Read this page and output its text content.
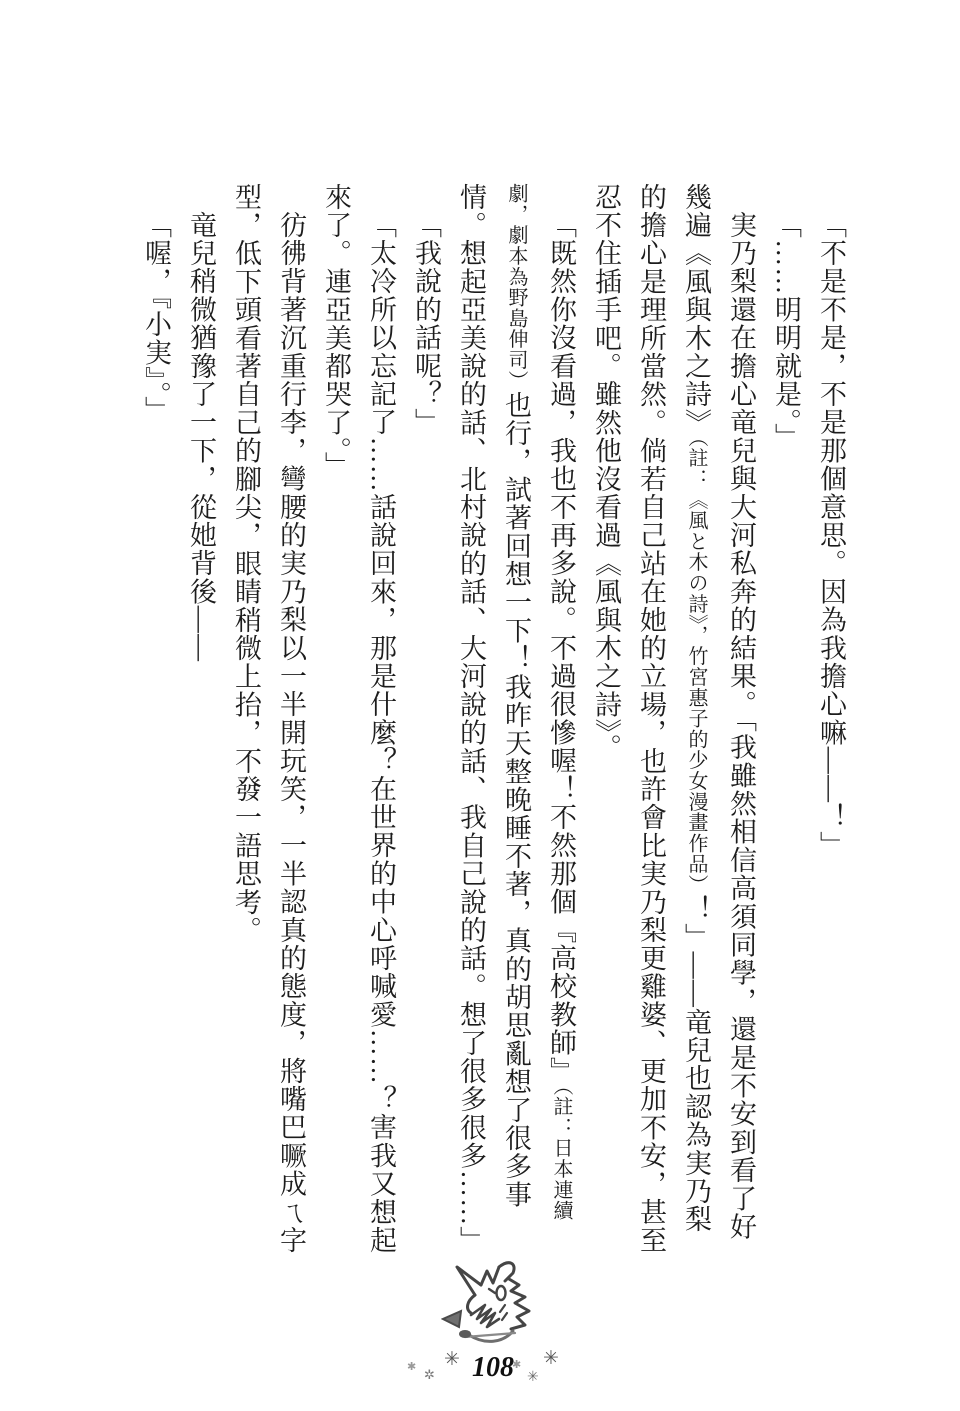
「不是不是，不是那個意思。因為我擔心嘛——！」

「……明明就是。」

実乃梨還在擔心竜兒與大河私奔的結果。「我雖然相信高須同學，還是不安到看了好幾遍《風與木之詩》（註：《風と木の詩》，竹宮惠子的少女漫畫作品）！」——竜兒也認為実乃梨的擔心是理所當然。倘若自己站在她的立場，也許會比実乃梨更雞婆、更加不安，甚至忍不住插手吧。雖然他沒看過《風與木之詩》。

「既然你沒看過，我也不再多說。不過很慘喔！不然那個『高校教師』（註：日本連續劇，劇本為野島伸司）也行，試著回想一下！我昨天整晚睡不著，真的胡思亂想了很多事情。想起亞美說的話、北村說的話、大河說的話、我自己說的話。想了很多很多……」

「我說的話呢？」

「太冷所以忘記了……話說回來，那是什麼？在世界的中心呼喊愛……？害我又想起來了。連亞美都哭了。」

彷彿背著沉重行李，彎腰的実乃梨以一半開玩笑，一半認真的態度，將嘴巴噘成ㄟ字型，低下頭看著自己的腳尖，眼睛稍微上抬，不發一語思考。

竜兒稍微猶豫了一下，從她背後——

「喔，『小実』。」

✱
✲
✳ 108
✱
✳
✳
